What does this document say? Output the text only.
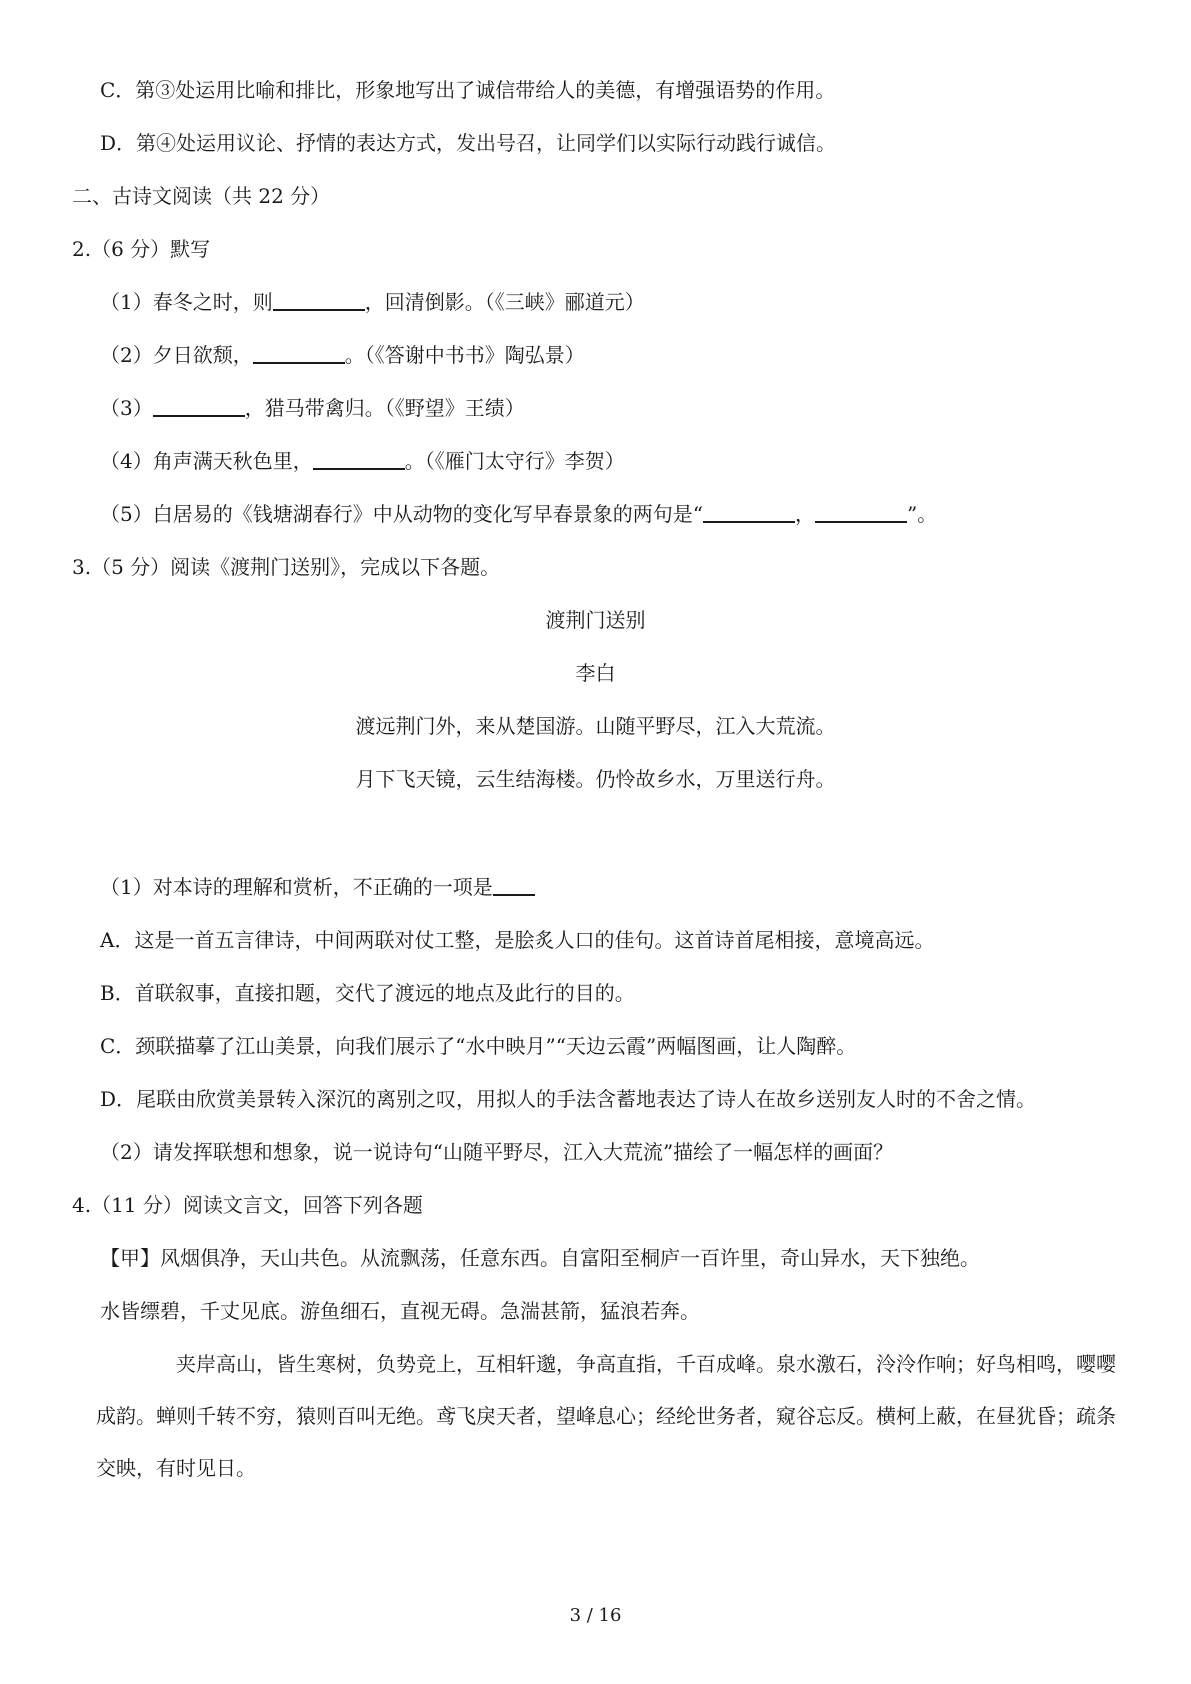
C．第③处运用比喻和排比，形象地写出了诚信带给人的美德，有增强语势的作用。
D．第④处运用议论、抒情的表达方式，发出号召，让同学们以实际行动践行诚信。
二、古诗文阅读（共 22 分）
2.（6 分）默写
（1）春冬之时，则	，回清倒影。（《三峡》郦道元）
（2）夕日欲颓，	。（《答谢中书书》陶弘景）
（3）	，猎马带禽归。（《野望》王绩）
（4）角声满天秋色里，	。（《雁门太守行》李贺）
（5）白居易的《钱塘湖春行》中从动物的变化写早春景象的两句是“	，	”。
3.（5 分）阅读《渡荆门送别》，完成以下各题。
渡荆门送别
李白
渡远荆门外，来从楚国游。山随平野尽，江入大荒流。
月下飞天镜，云生结海楼。仍怜故乡水，万里送行舟。
（1）对本诗的理解和赏析，不正确的一项是
A．这是一首五言律诗，中间两联对仗工整，是脍炙人口的佳句。这首诗首尾相接，意境高远。
B．首联叙事，直接扣题，交代了渡远的地点及此行的目的。
C．颈联描摹了江山美景，向我们展示了“水中映月”“天边云霞”两幅图画，让人陶醉。
D．尾联由欣赏美景转入深沉的离别之叹，用拟人的手法含蓄地表达了诗人在故乡送别友人时的不舍之情。
（2）请发挥联想和想象，说一说诗句“山随平野尽，江入大荒流”描绘了一幅怎样的画面？
4.（11 分）阅读文言文，回答下列各题
【甲】风烟俱净，天山共色。从流飘荡，任意东西。自富阳至桐庐一百许里，奇山异水，天下独绝。
水皆缥碧，千丈见底。游鱼细石，直视无碍。急湍甚箭，猛浪若奔。
夹岸高山，皆生寒树，负势竞上，互相轩邈，争高直指，千百成峰。泉水激石，泠泠作响；好鸟相鸣，嘤嘤成韵。蝉则千转不穷，猿则百叫无绝。鸢飞戾天者，望峰息心；经纶世务者，窥谷忘反。横柯上蔽，在昼犹昏；疏条交映，有时见日。
3 / 16
